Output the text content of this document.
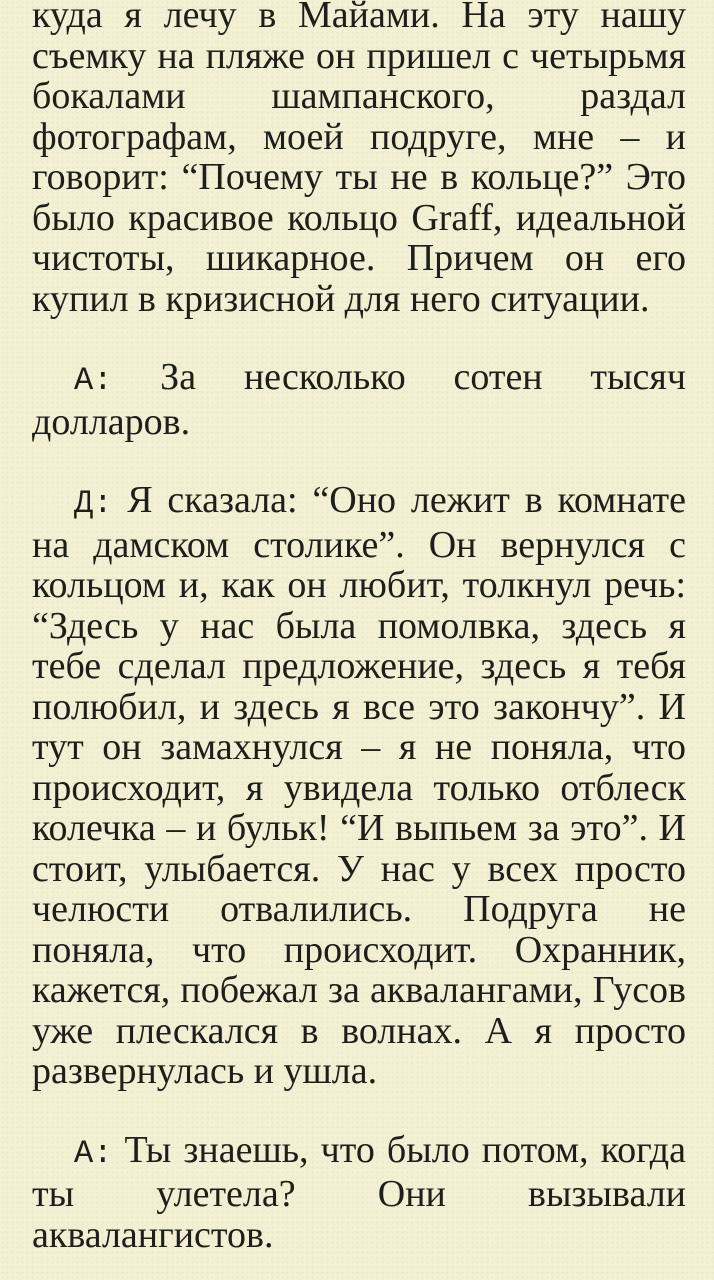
куда я лечу в Майами. На эту нашу съемку на пляже он пришел с четырьмя бокалами шампанского, раздал фотографам, моей подруге, мне – и говорит: “Почему ты не в кольце?” Это было красивое кольцо Graff, идеальной чистоты, шикарное. Причем он его купил в кризисной для него ситуации.

А: За несколько сотен тысяч долларов.

Д: Я сказала: “Оно лежит в комнате на дамском столике”. Он вернулся с кольцом и, как он любит, толкнул речь: “Здесь у нас была помолвка, здесь я тебе сделал предложение, здесь я тебя полюбил, и здесь я все это закончу”. И тут он замахнулся – я не поняла, что происходит, я увидела только отблеск колечка – и бульк! “И выпьем за это”. И стоит, улыбается. У нас у всех просто челюсти отвалились. Подруга не поняла, что происходит. Охранник, кажется, побежал за аквалангами, Гусов уже плескался в волнах. А я просто развернулась и ушла.

А: Ты знаешь, что было потом, когда ты улетела? Они вызывали аквалангистов.
